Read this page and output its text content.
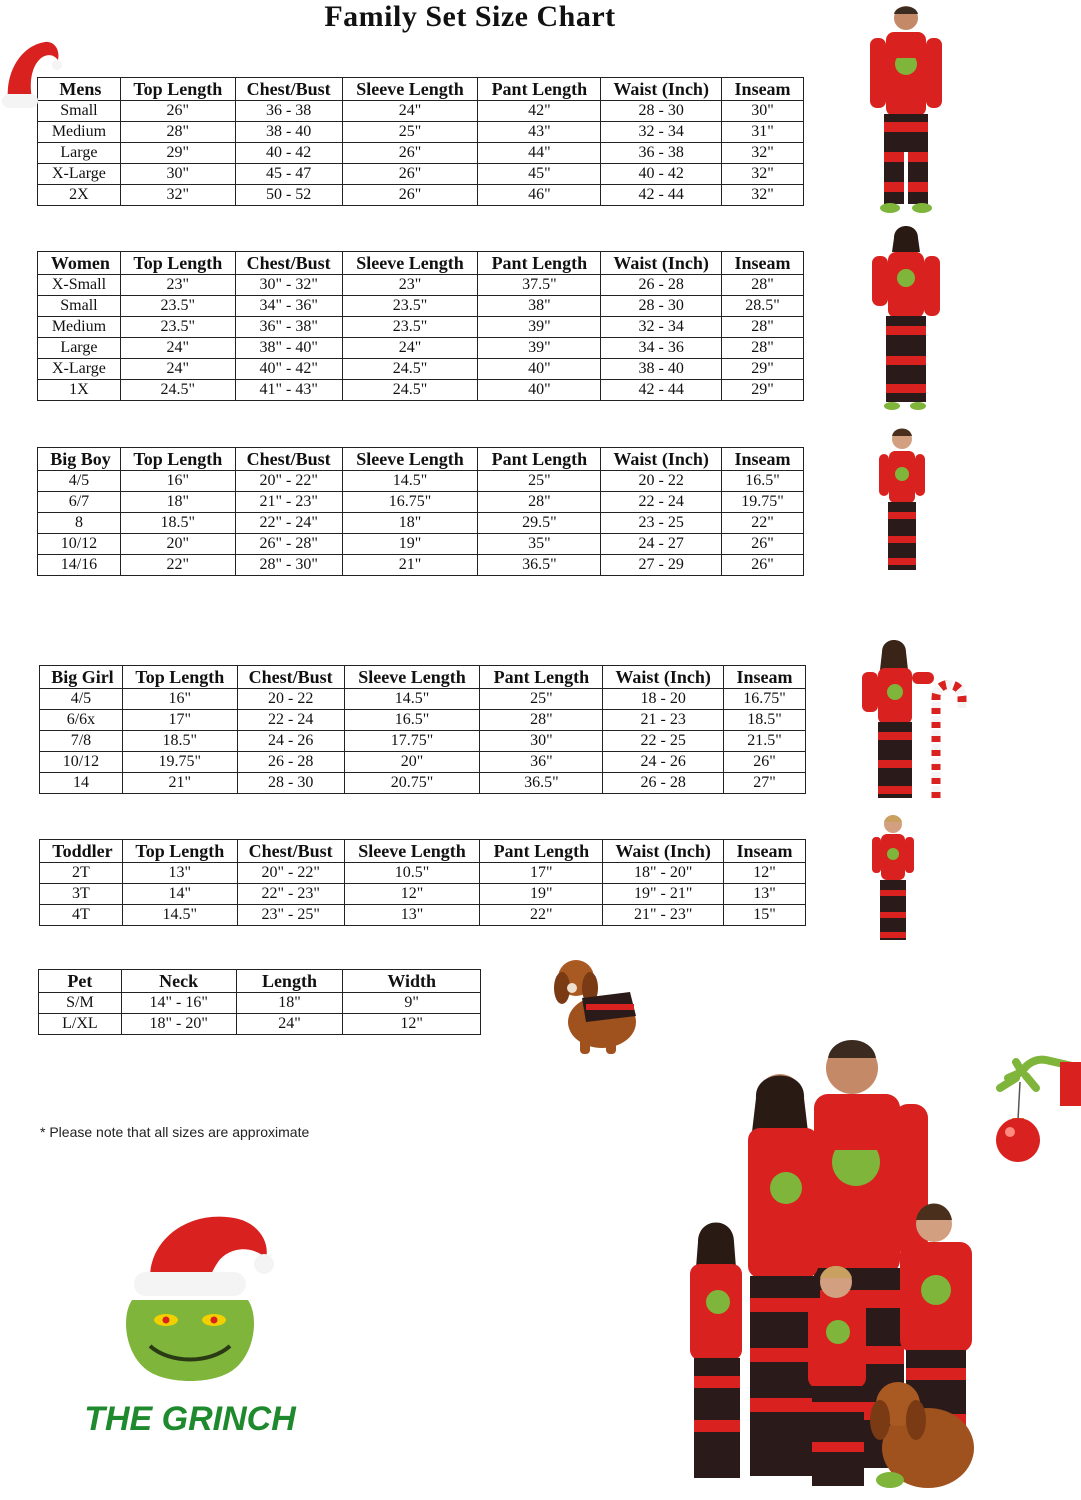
Family Set Size Chart
Mens	Top Length	Chest/Bust	Sleeve Length	Pant Length	Waist (Inch)	Inseam
Small	26"	36 - 38	24"	42"	28 - 30	30"
Medium	28"	38 - 40	25"	43"	32 - 34	31"
Large	29"	40 - 42	26"	44"	36 - 38	32"
X-Large	30"	45 - 47	26"	45"	40 - 42	32"
2X	32"	50 - 52	26"	46"	42 - 44	32"
Women	Top Length	Chest/Bust	Sleeve Length	Pant Length	Waist (Inch)	Inseam
X-Small	23"	30" - 32"	23"	37.5"	26 - 28	28"
Small	23.5"	34" - 36"	23.5"	38"	28 - 30	28.5"
Medium	23.5"	36" - 38"	23.5"	39"	32 - 34	28"
Large	24"	38" - 40"	24"	39"	34 - 36	28"
X-Large	24"	40" - 42"	24.5"	40"	38 - 40	29"
1X	24.5"	41" - 43"	24.5"	40"	42 - 44	29"
Big Boy	Top Length	Chest/Bust	Sleeve Length	Pant Length	Waist (Inch)	Inseam
4/5	16"	20" - 22"	14.5"	25"	20 - 22	16.5"
6/7	18"	21" - 23"	16.75"	28"	22 - 24	19.75"
8	18.5"	22" - 24"	18"	29.5"	23 - 25	22"
10/12	20"	26" - 28"	19"	35"	24 - 27	26"
14/16	22"	28" - 30"	21"	36.5"	27 - 29	26"
Big Girl	Top Length	Chest/Bust	Sleeve Length	Pant Length	Waist (Inch)	Inseam
4/5	16"	20 - 22	14.5"	25"	18 - 20	16.75"
6/6x	17"	22 - 24	16.5"	28"	21 - 23	18.5"
7/8	18.5"	24 - 26	17.75"	30"	22 - 25	21.5"
10/12	19.75"	26 - 28	20"	36"	24 - 26	26"
14	21"	28 - 30	20.75"	36.5"	26 - 28	27"
Toddler	Top Length	Chest/Bust	Sleeve Length	Pant Length	Waist (Inch)	Inseam
2T	13"	20" - 22"	10.5"	17"	18" - 20"	12"
3T	14"	22" - 23"	12"	19"	19" - 21"	13"
4T	14.5"	23" - 25"	13"	22"	21" - 23"	15"
Pet	Neck	Length	Width
S/M	14" - 16"	18"	9"
L/XL	18" - 20"	24"	12"
* Please note that all sizes are approximate
THE GRINCH
